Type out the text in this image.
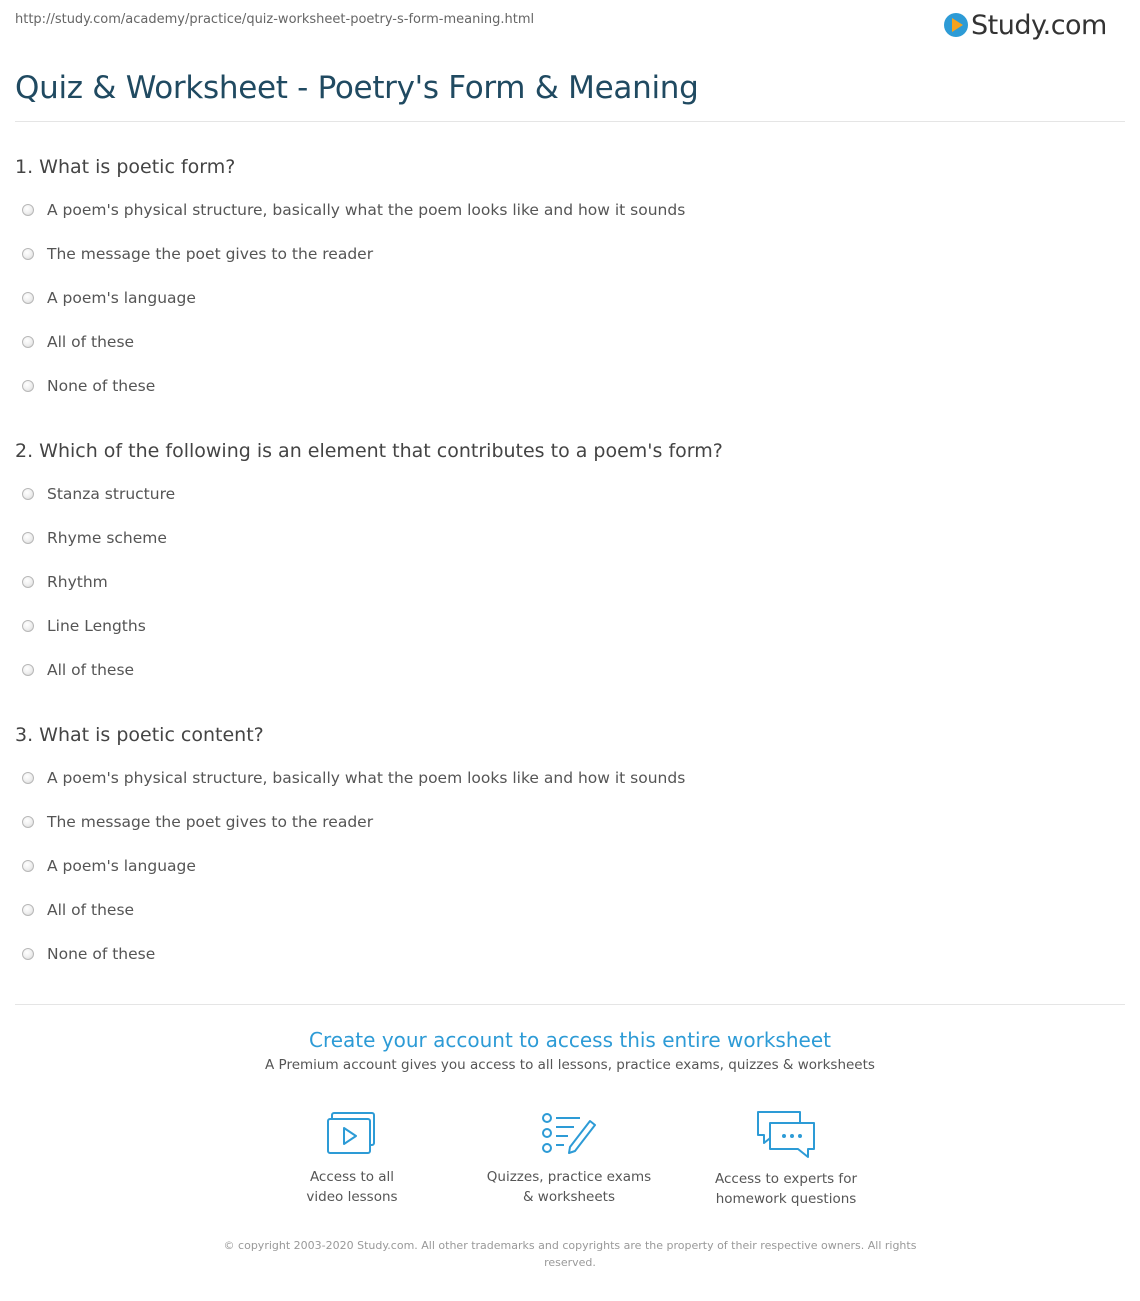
http://study.com/academy/practice/quiz-worksheet-poetry-s-form-meaning.html	Study.com
Quiz & Worksheet - Poetry's Form & Meaning
1. What is poetic form?
A poem's physical structure, basically what the poem looks like and how it sounds
The message the poet gives to the reader
A poem's language
All of these
None of these
2. Which of the following is an element that contributes to a poem's form?
Stanza structure
Rhyme scheme
Rhythm
Line Lengths
All of these
3. What is poetic content?
A poem's physical structure, basically what the poem looks like and how it sounds
The message the poet gives to the reader
A poem's language
All of these
None of these
Create your account to access this entire worksheet
A Premium account gives you access to all lessons, practice exams, quizzes & worksheets
Access to all
video lessons
Quizzes, practice exams
& worksheets
Access to experts for
homework questions
© copyright 2003-2020 Study.com. All other trademarks and copyrights are the property of their respective owners. All rights reserved.
